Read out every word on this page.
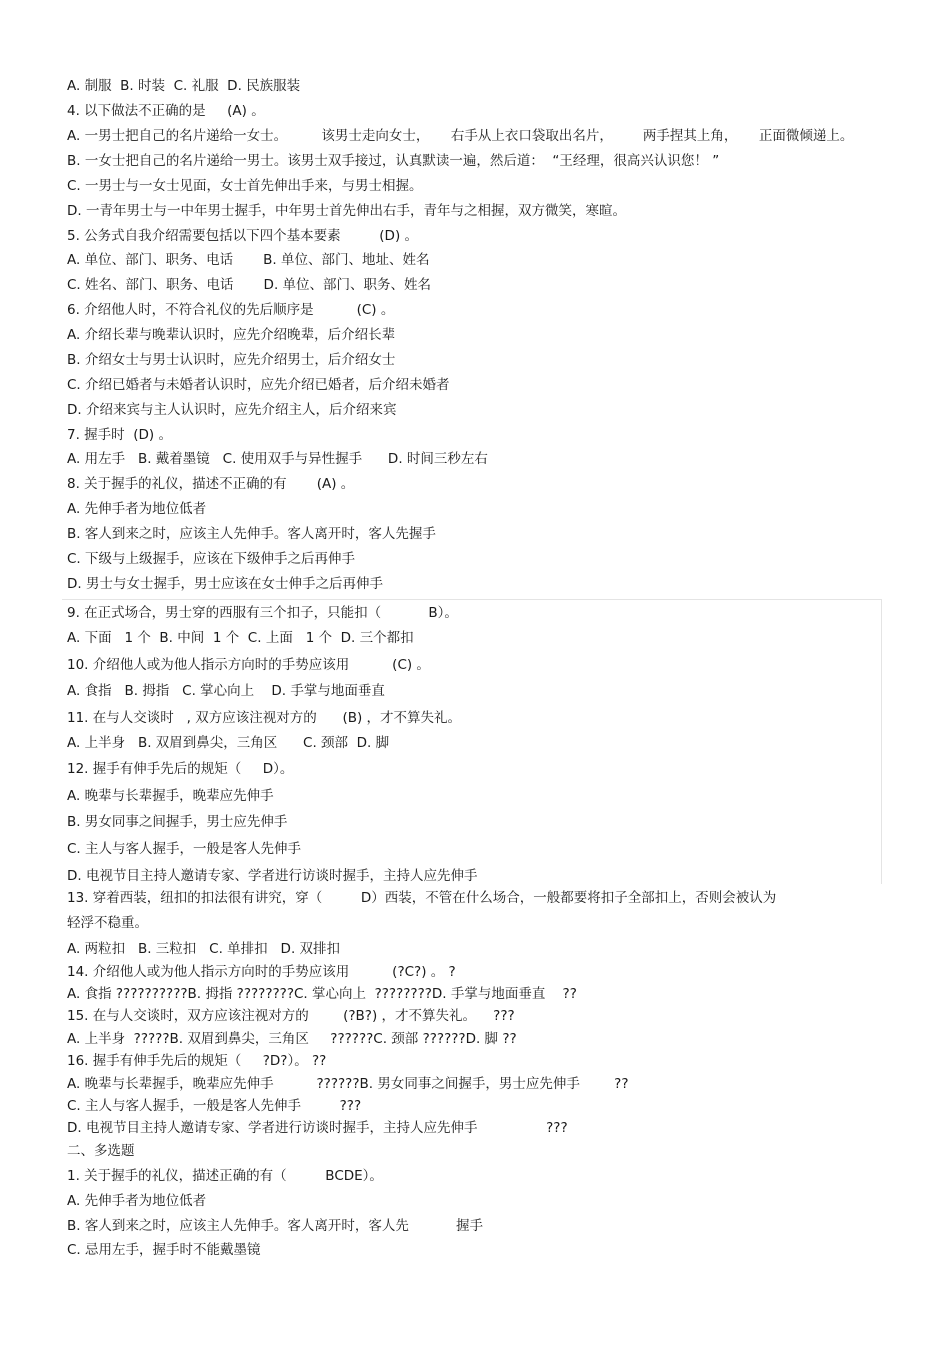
A. 制服  B. 时装  C. 礼服  D. 民族服装
4. 以下做法不正确的是     (A) 。
A. 一男士把自己的名片递给一女士。        该男士走向女士，     右手从上衣口袋取出名片，       两手捏其上角，     正面微倾递上。
B. 一女士把自己的名片递给一男士。该男士双手接过，认真默读一遍，然后道：  “王经理，很高兴认识您！ ”
C. 一男士与一女士见面，女士首先伸出手来，与男士相握。
D. 一青年男士与一中年男士握手，中年男士首先伸出右手，青年与之相握，双方微笑，寒暄。
5. 公务式自我介绍需要包括以下四个基本要素         (D) 。
A. 单位、部门、职务、电话       B. 单位、部门、地址、姓名
C. 姓名、部门、职务、电话       D. 单位、部门、职务、姓名
6. 介绍他人时，不符合礼仪的先后顺序是          (C) 。
A. 介绍长辈与晚辈认识时，应先介绍晚辈，后介绍长辈
B. 介绍女士与男士认识时，应先介绍男士，后介绍女士
C. 介绍已婚者与未婚者认识时，应先介绍已婚者，后介绍未婚者
D. 介绍来宾与主人认识时，应先介绍主人，后介绍来宾
7. 握手时  (D) 。
A. 用左手   B. 戴着墨镜   C. 使用双手与异性握手      D. 时间三秒左右
8. 关于握手的礼仪，描述不正确的有       (A) 。
A. 先伸手者为地位低者
B. 客人到来之时，应该主人先伸手。客人离开时，客人先握手
C. 下级与上级握手，应该在下级伸手之后再伸手
D. 男士与女士握手，男士应该在女士伸手之后再伸手
9. 在正式场合，男士穿的西服有三个扣子，只能扣（           B）。
A. 下面   1 个  B. 中间  1 个  C. 上面   1 个  D. 三个都扣
10. 介绍他人或为他人指示方向时的手势应该用          (C) 。
A. 食指   B. 拇指   C. 掌心向上    D. 手掌与地面垂直
11. 在与人交谈时   , 双方应该注视对方的      (B) ，才不算失礼。
A. 上半身   B. 双眉到鼻尖，三角区      C. 颈部  D. 脚
12. 握手有伸手先后的规矩（     D）。
A. 晚辈与长辈握手，晚辈应先伸手
B. 男女同事之间握手，男士应先伸手
C. 主人与客人握手，一般是客人先伸手
D. 电视节目主持人邀请专家、学者进行访谈时握手，主持人应先伸手
13. 穿着西装，纽扣的扣法很有讲究，穿（         D）西装，不管在什么场合，一般都要将扣子全部扣上，否则会被认为
轻浮不稳重。
A. 两粒扣   B. 三粒扣   C. 单排扣   D. 双排扣
14. 介绍他人或为他人指示方向时的手势应该用          (?C?) 。 ?
A. 食指 ??????????B. 拇指 ????????C. 掌心向上  ????????D. 手掌与地面垂直    ??
15. 在与人交谈时，双方应该注视对方的        (?B?) ，才不算失礼。    ???
A. 上半身  ?????B. 双眉到鼻尖，三角区     ??????C. 颈部 ??????D. 脚 ??
16. 握手有伸手先后的规矩（     ?D?）。 ??
A. 晚辈与长辈握手，晚辈应先伸手          ??????B. 男女同事之间握手，男士应先伸手        ??
C. 主人与客人握手，一般是客人先伸手         ???
D. 电视节目主持人邀请专家、学者进行访谈时握手，主持人应先伸手                ???
二、多选题
1. 关于握手的礼仪，描述正确的有（         BCDE）。
A. 先伸手者为地位低者
B. 客人到来之时，应该主人先伸手。客人离开时，客人先           握手
C. 忌用左手，握手时不能戴墨镜
